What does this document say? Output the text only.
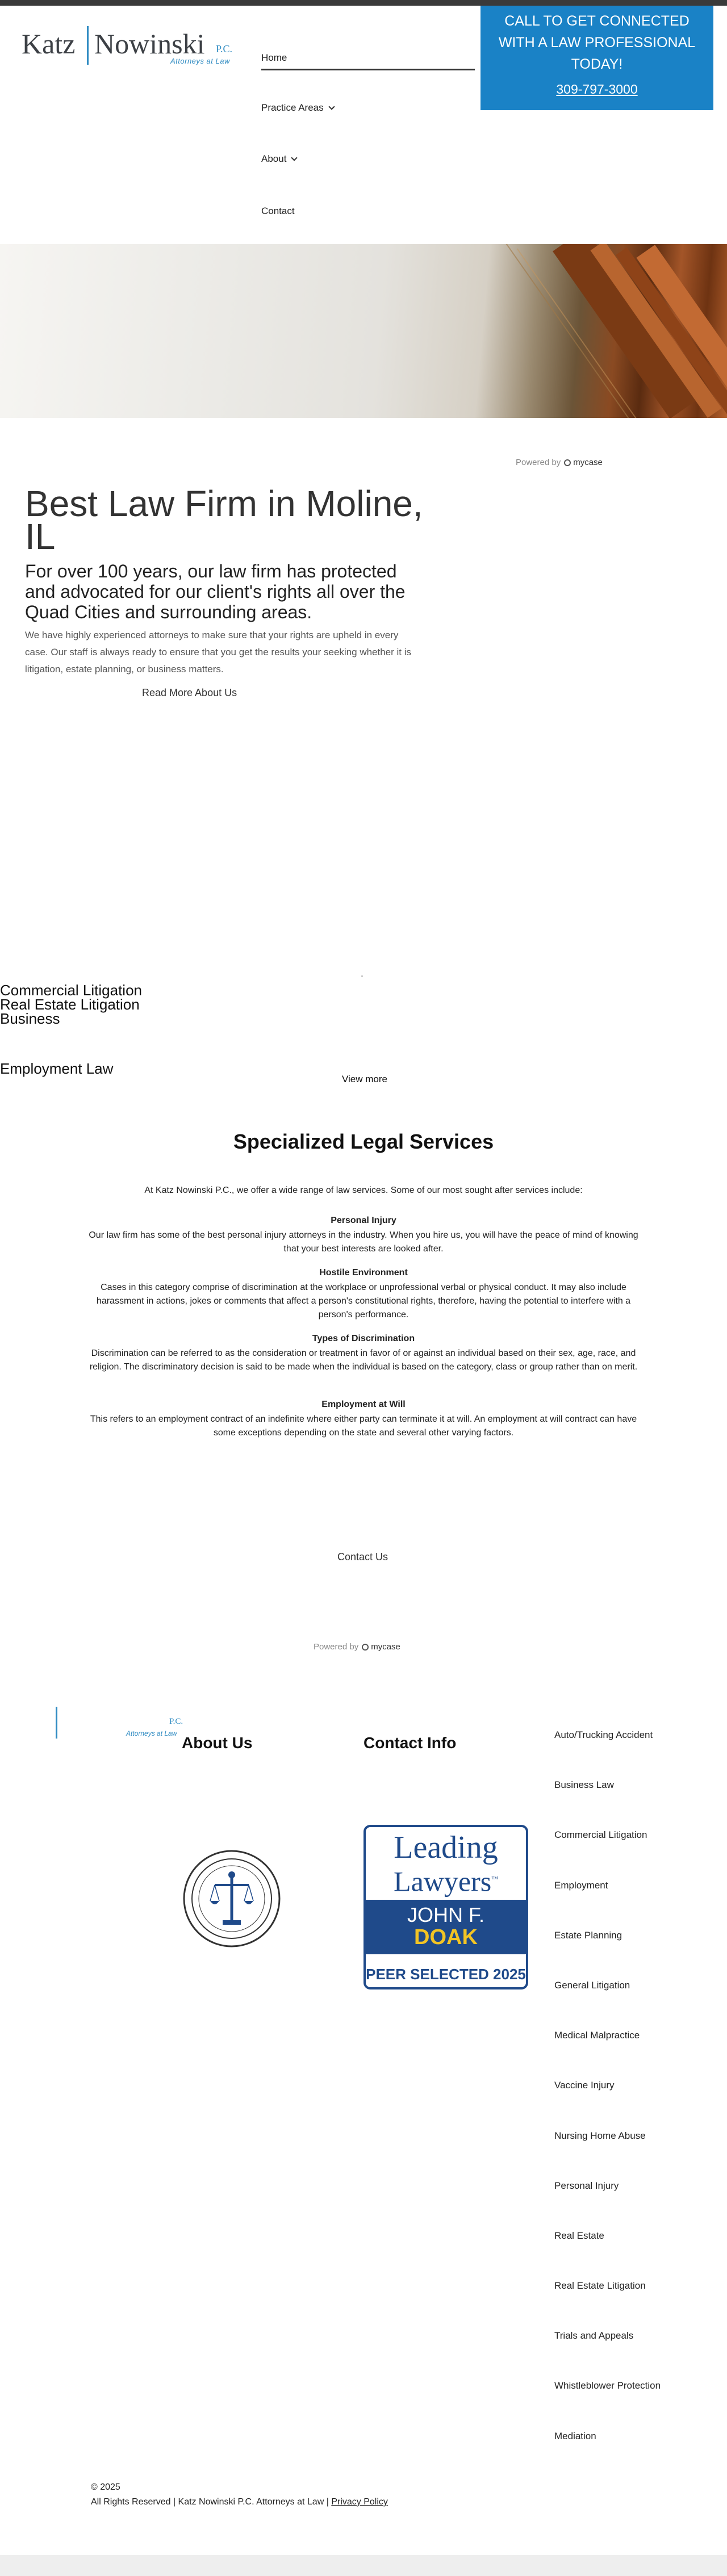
Katz Nowinski P.C.
Attorneys at Law	Home
Practice Areas
About
Contact
CALL TO GET CONNECTED WITH A LAW PROFESSIONAL TODAY!
309-797-3000
in
Powered by mycase
Best Law Firm in Moline, IL
For over 100 years, our law firm has protected and advocated for our client's rights all over the Quad Cities and surrounding areas.

We have highly experienced attorneys to make sure that your rights are upheld in every case. Our staff is always ready to ensure that you get the results your seeking whether it is litigation, estate planning, or business matters.

Read More About Us
Commercial Litigation
Real Estate Litigation
Business
Employment Law
View more
Specialized Legal Services

At Katz Nowinski P.C., we offer a wide range of law services. Some of our most sought after services include:

Personal Injury
Our law firm has some of the best personal injury attorneys in the industry. When you hire us, you will have the peace of mind of knowing that your best interests are looked after.
Hostile Environment
Cases in this category comprise of discrimination at the workplace or unprofessional verbal or physical conduct. It may also include harassment in actions, jokes or comments that affect a person's constitutional rights, therefore, having the potential to interfere with a person's performance.
Types of Discrimination
Discrimination can be referred to as the consideration or treatment in favor of or against an individual based on their sex, age, race, and religion. The discriminatory decision is said to be made when the individual is based on the category, class or group rather than on merit.
Employment at Will
This refers to an employment contract of an indefinite where either party can terminate it at will. An employment at will contract can have some exceptions depending on the state and several other varying factors.
Contact Us
Powered by mycase
P.C.
Attorneys at Law
About Us	Contact Info
Leading
Lawyers™
JOHN F.
DOAK
PEER SELECTED 2025
Auto/Trucking Accident
Business Law
Commercial Litigation
Employment
Estate Planning
General Litigation
Medical Malpractice
Vaccine Injury
Nursing Home Abuse
Personal Injury
Real Estate
Real Estate Litigation
Trials and Appeals
Whistleblower Protection
Mediation
© 2025
All Rights Reserved | Katz Nowinski P.C. Attorneys at Law | Privacy Policy
